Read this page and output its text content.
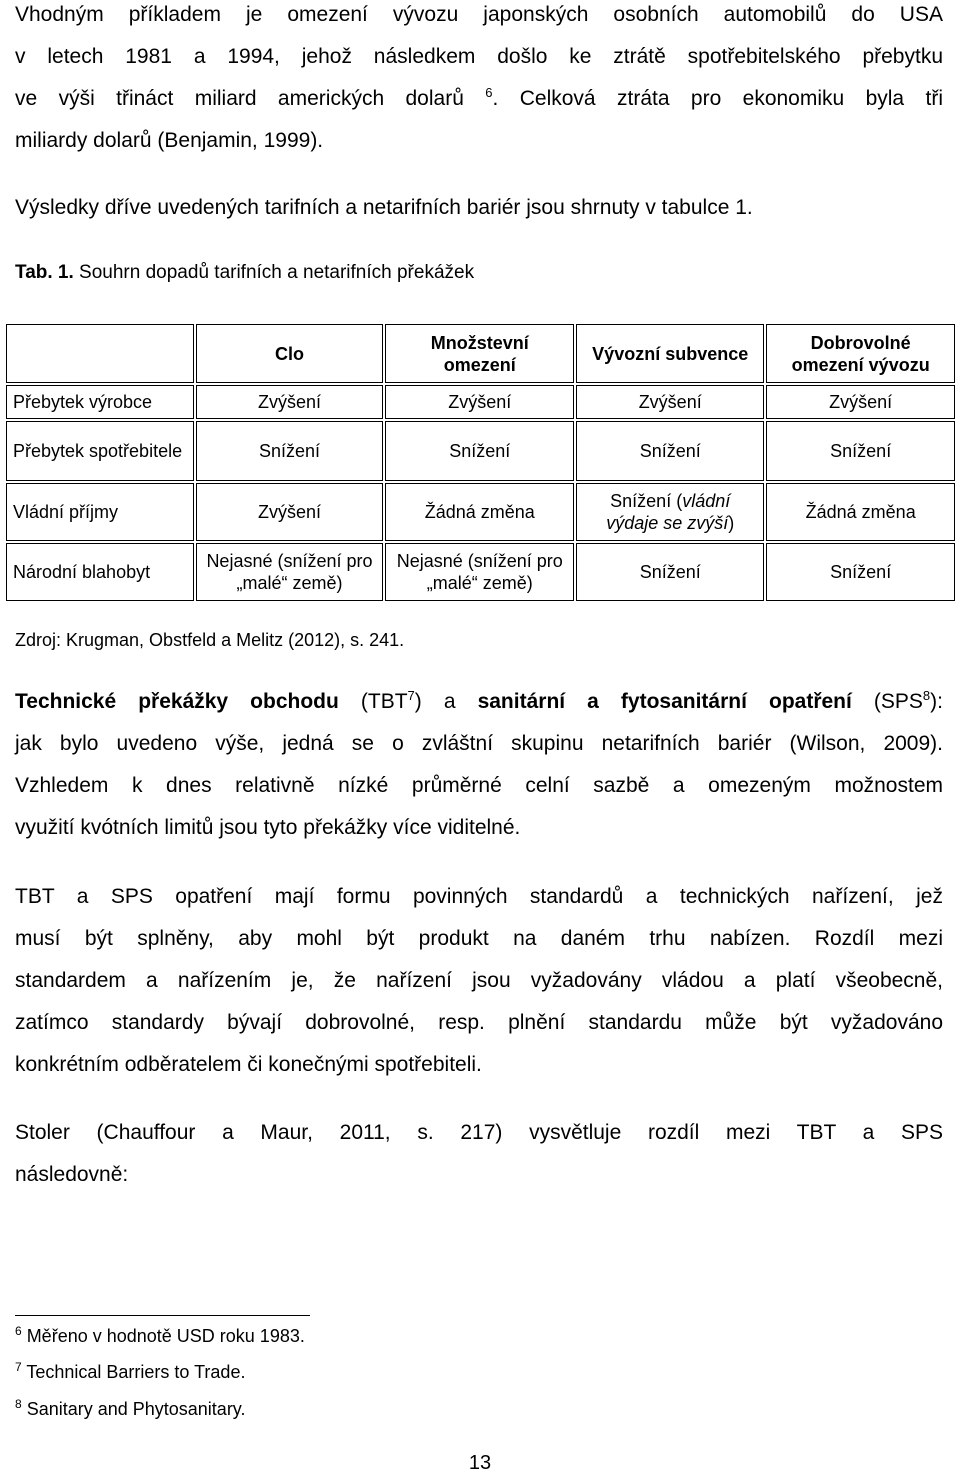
Vhodným příkladem je omezení vývozu japonských osobních automobilů do USA
v letech 1981 a 1994, jehož následkem došlo ke ztrátě spotřebitelského přebytku
ve výši třináct miliard amerických dolarů $^6$. Celková ztráta pro ekonomiku byla tři
miliardy dolarů (Benjamin, 1999).
Výsledky dříve uvedených tarifních a netarifních bariér jsou shrnuty v tabulce 1.
Tab. 1. Souhrn dopadů tarifních a netarifních překážek
	Clo	Množstevní omezení	Vývozní subvence	Dobrovolné omezení vývozu
Přebytek výrobce	Zvýšení	Zvýšení	Zvýšení	Zvýšení
Přebytek spotřebitele	Snížení	Snížení	Snížení	Snížení
Vládní příjmy	Zvýšení	Žádná změna	Snížení (vládní výdaje se zvýší)	Žádná změna
Národní blahobyt	Nejasné (snížení pro „malé“ země)	Nejasné (snížení pro „malé“ země)	Snížení	Snížení
Zdroj: Krugman, Obstfeld a Melitz (2012), s. 241.
Technické překážky obchodu (TBT$^7$) a sanitární a fytosanitární opatření (SPS$^8$):
jak bylo uvedeno výše, jedná se o zvláštní skupinu netarifních bariér (Wilson, 2009).
Vzhledem k dnes relativně nízké průměrné celní sazbě a omezeným možnostem
využití kvótních limitů jsou tyto překážky více viditelné.
TBT a SPS opatření mají formu povinných standardů a technických nařízení, jež
musí být splněny, aby mohl být produkt na daném trhu nabízen. Rozdíl mezi
standardem a nařízením je, že nařízení jsou vyžadovány vládou a platí všeobecně,
zatímco standardy bývají dobrovolné, resp. plnění standardu může být vyžadováno
konkrétním odběratelem či konečnými spotřebiteli.
Stoler (Chauffour a Maur, 2011, s. 217) vysvětluje rozdíl mezi TBT a SPS
následovně:
$^6$ Měřeno v hodnotě USD roku 1983.
$^7$ Technical Barriers to Trade.
$^8$ Sanitary and Phytosanitary.
13
